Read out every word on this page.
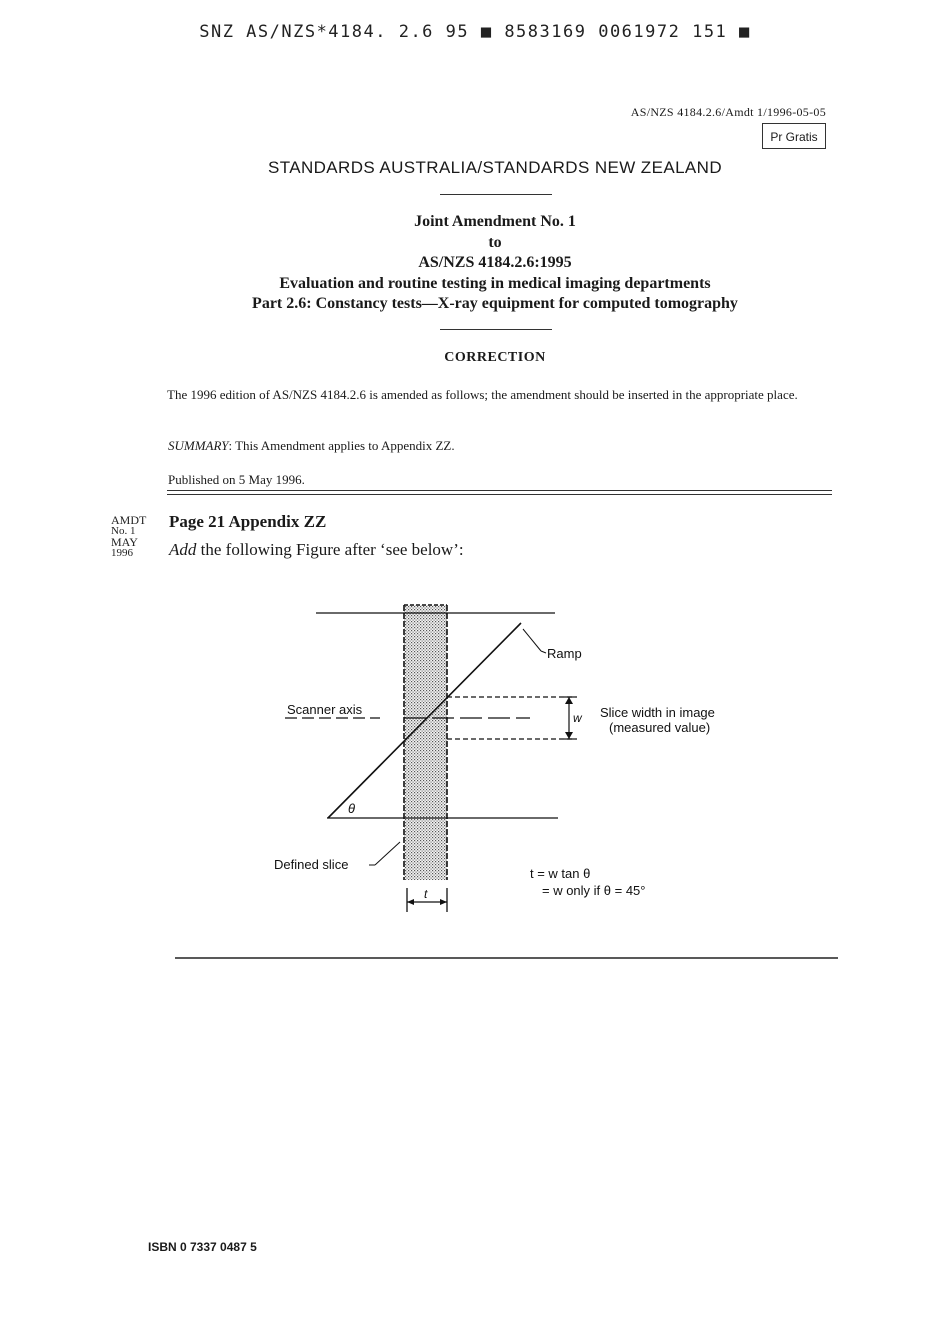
SNZ AS/NZS*4184. 2.6 95 ■ 8583169 0061972 151 ■
AS/NZS 4184.2.6/Amdt 1/1996-05-05
Pr Gratis
STANDARDS AUSTRALIA/STANDARDS NEW ZEALAND
Joint Amendment No. 1
to
AS/NZS 4184.2.6:1995
Evaluation and routine testing in medical imaging departments
Part 2.6: Constancy tests—X-ray equipment for computed tomography
CORRECTION
The 1996 edition of AS/NZS 4184.2.6 is amended as follows; the amendment should be inserted in the appropriate place.
SUMMARY: This Amendment applies to Appendix ZZ.
Published on 5 May 1996.
AMDT
No. 1
MAY
1996
Page 21 Appendix ZZ
Add the following Figure after ‘see below’:
Ramp
Scanner axis
w Slice width in image
(measured value)
θ
Defined slice
t
t = w tan θ
= w only if θ = 45°
ISBN 0 7337 0487 5
